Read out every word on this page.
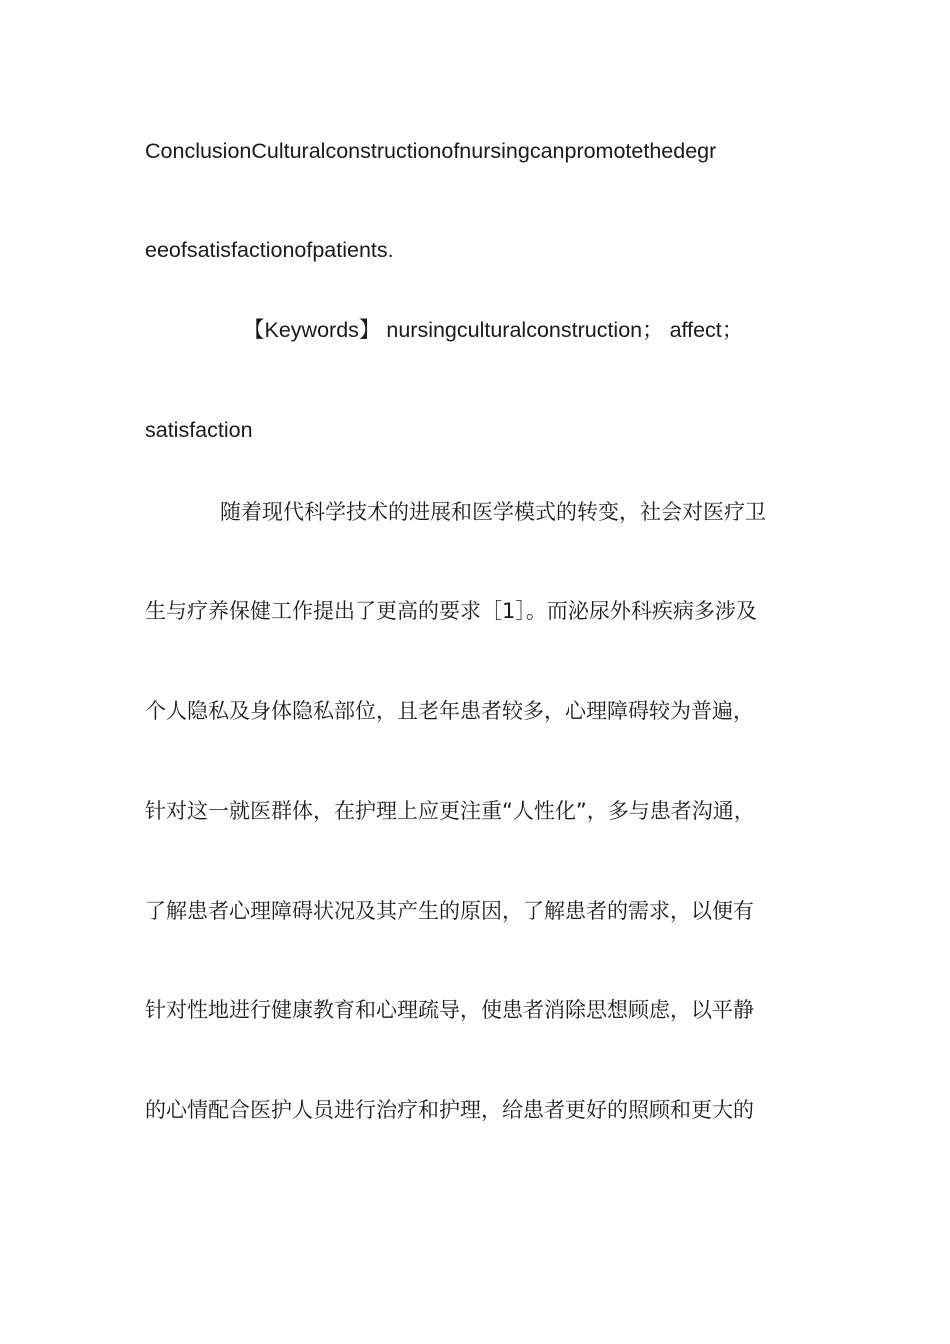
ConclusionCulturalconstructionofnursingcanpromotethedegr
eeofsatisfactionofpatients.
【Keywords】 nursingculturalconstruction； affect；
satisfaction
随着现代科学技术的进展和医学模式的转变，社会对医疗卫
生与疗养保健工作提出了更高的要求［1］。而泌尿外科疾病多涉及
个人隐私及身体隐私部位，且老年患者较多，心理障碍较为普遍，
针对这一就医群体，在护理上应更注重“人性化”，多与患者沟通，
了解患者心理障碍状况及其产生的原因，了解患者的需求，以便有
针对性地进行健康教育和心理疏导，使患者消除思想顾虑，以平静
的心情配合医护人员进行治疗和护理，给患者更好的照顾和更大的
